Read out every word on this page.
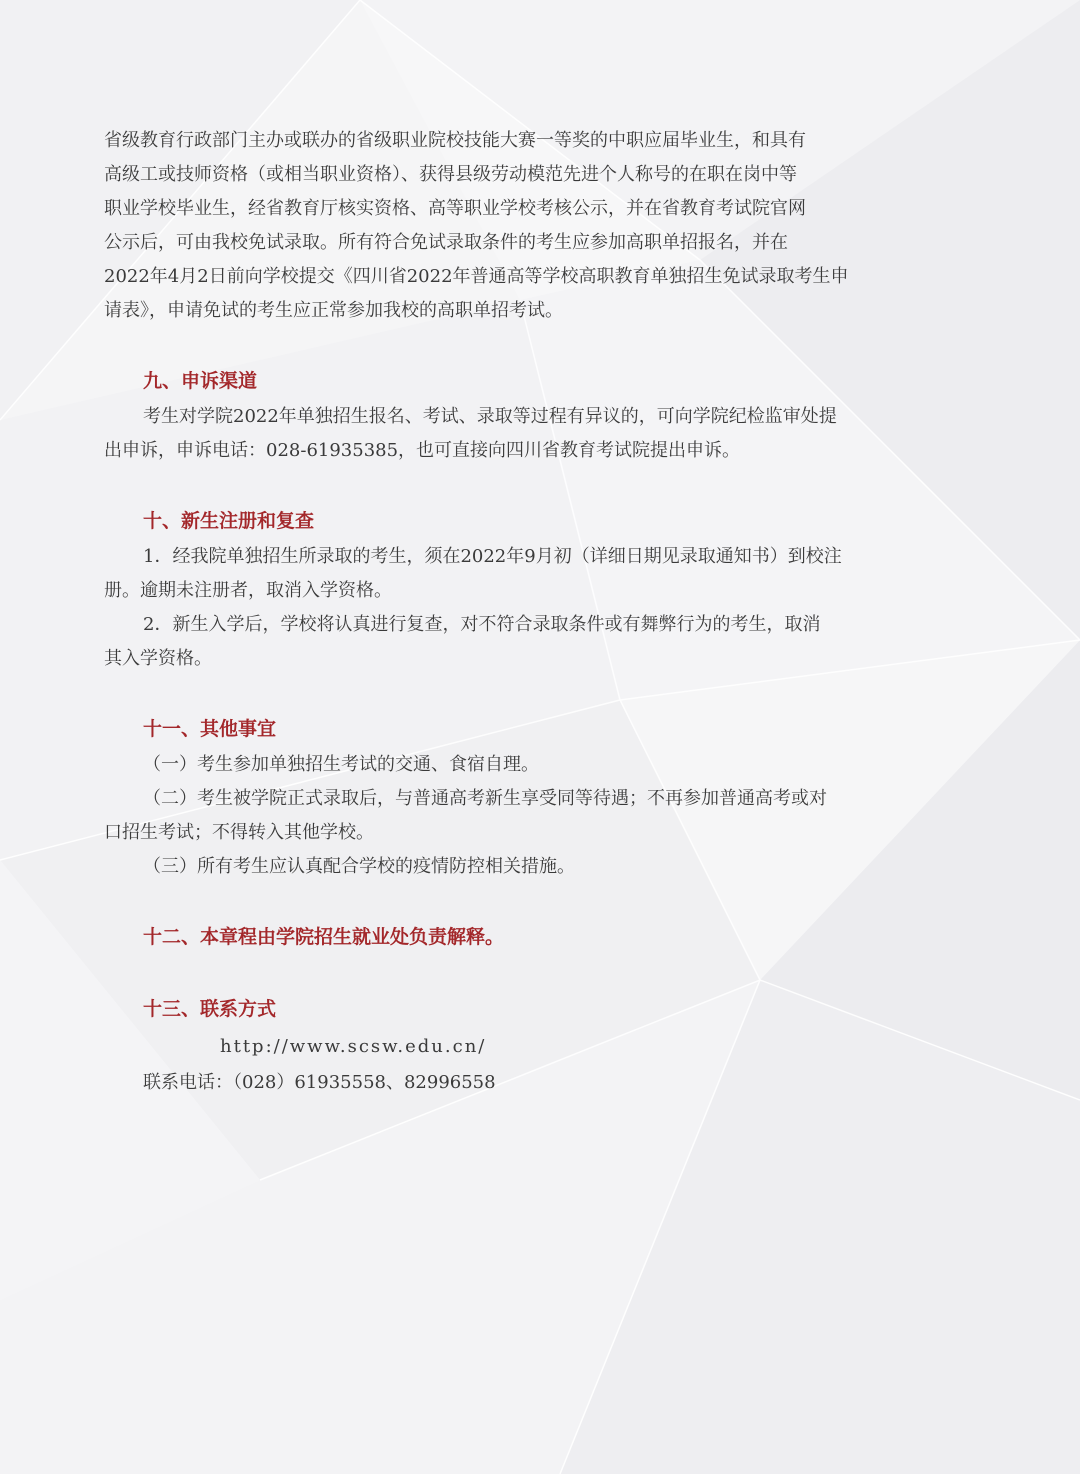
省级教育行政部门主办或联办的省级职业院校技能大赛一等奖的中职应届毕业生，和具有
高级工或技师资格（或相当职业资格）、获得县级劳动模范先进个人称号的在职在岗中等
职业学校毕业生，经省教育厅核实资格、高等职业学校考核公示，并在省教育考试院官网
公示后，可由我校免试录取。所有符合免试录取条件的考生应参加高职单招报名，并在
2022年4月2日前向学校提交《四川省2022年普通高等学校高职教育单独招生免试录取考生申
请表》，申请免试的考生应正常参加我校的高职单招考试。
九、申诉渠道
考生对学院2022年单独招生报名、考试、录取等过程有异议的，可向学院纪检监审处提
出申诉，申诉电话：028-61935385，也可直接向四川省教育考试院提出申诉。
十、新生注册和复查
1．经我院单独招生所录取的考生，须在2022年9月初（详细日期见录取通知书）到校注
册。逾期未注册者，取消入学资格。
2．新生入学后，学校将认真进行复查，对不符合录取条件或有舞弊行为的考生，取消
其入学资格。
十一、其他事宜
（一）考生参加单独招生考试的交通、食宿自理。
（二）考生被学院正式录取后，与普通高考新生享受同等待遇；不再参加普通高考或对
口招生考试；不得转入其他学校。
（三）所有考生应认真配合学校的疫情防控相关措施。
十二、本章程由学院招生就业处负责解释。
十三、联系方式
http://www.scsw.edu.cn/
联系电话：（028）61935558、82996558
